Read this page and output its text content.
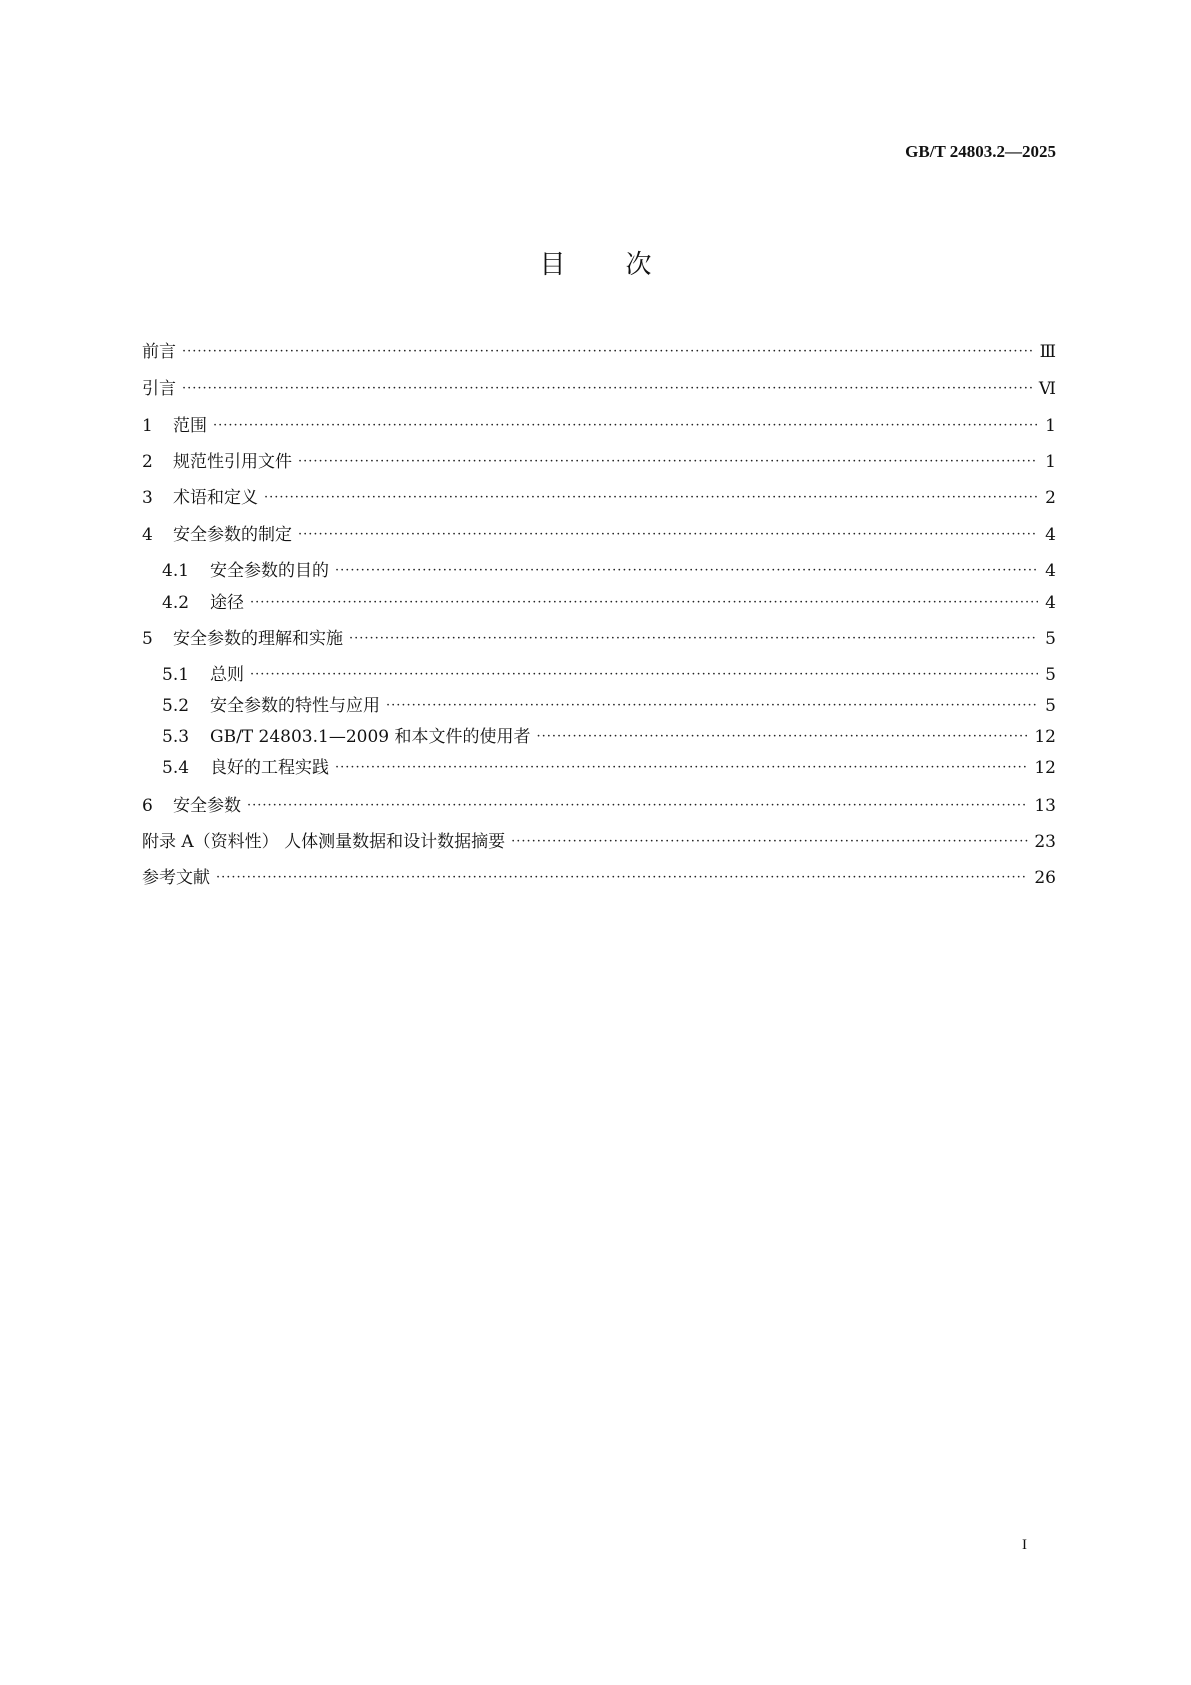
GB/T 24803.2—2025
目次
前言 ·····	Ⅲ
引言 ·····	Ⅵ
1	范围 ·····	1
2	规范性引用文件 ·····	1
3	术语和定义 ·····	2
4	安全参数的制定 ·····	4
4.1	安全参数的目的 ·····	4
4.2	途径 ·····	4
5	安全参数的理解和实施 ·····	5
5.1	总则 ·····	5
5.2	安全参数的特性与应用 ·····	5
5.3	GB/T 24803.1—2009 和本文件的使用者 ·····	12
5.4	良好的工程实践 ·····	12
6	安全参数 ·····	13
附录 A（资料性） 人体测量数据和设计数据摘要 ·····	23
参考文献 ·····	26
I
